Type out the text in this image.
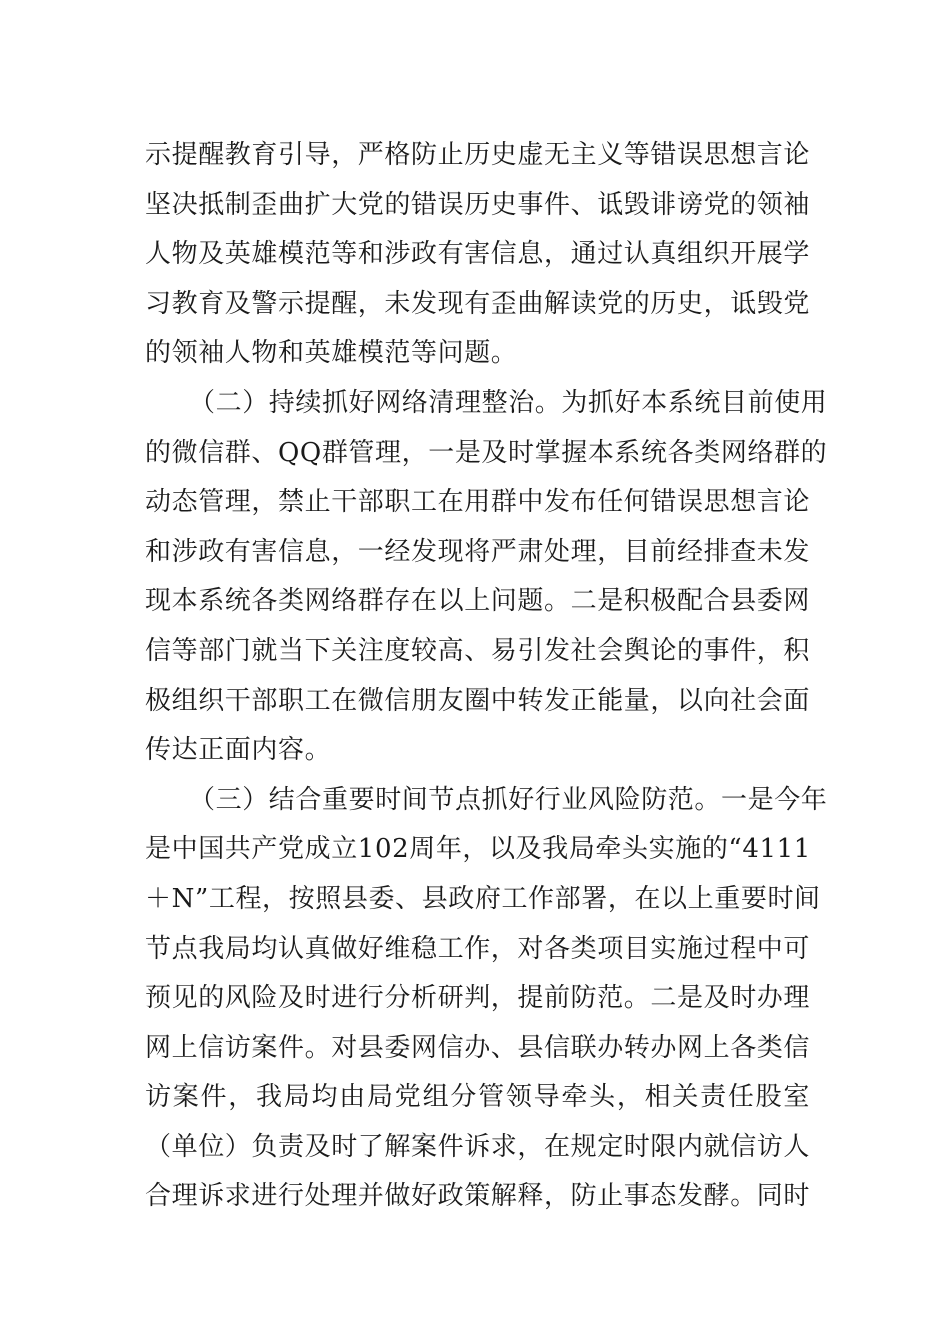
示提醒教育引导，严格防止历史虚无主义等错误思想言论
坚决抵制歪曲扩大党的错误历史事件、诋毁诽谤党的领袖
人物及英雄模范等和涉政有害信息，通过认真组织开展学
习教育及警示提醒，未发现有歪曲解读党的历史，诋毁党
的领袖人物和英雄模范等问题。
（二）持续抓好网络清理整治。为抓好本系统目前使用
的微信群、QQ群管理，一是及时掌握本系统各类网络群的
动态管理，禁止干部职工在用群中发布任何错误思想言论
和涉政有害信息，一经发现将严肃处理，目前经排查未发
现本系统各类网络群存在以上问题。二是积极配合县委网
信等部门就当下关注度较高、易引发社会舆论的事件，积
极组织干部职工在微信朋友圈中转发正能量，以向社会面
传达正面内容。
（三）结合重要时间节点抓好行业风险防范。一是今年
是中国共产党成立102周年，以及我局牵头实施的“4111
＋N”工程，按照县委、县政府工作部署，在以上重要时间
节点我局均认真做好维稳工作，对各类项目实施过程中可
预见的风险及时进行分析研判，提前防范。二是及时办理
网上信访案件。对县委网信办、县信联办转办网上各类信
访案件，我局均由局党组分管领导牵头，相关责任股室
（单位）负责及时了解案件诉求，在规定时限内就信访人
合理诉求进行处理并做好政策解释，防止事态发酵。同时
